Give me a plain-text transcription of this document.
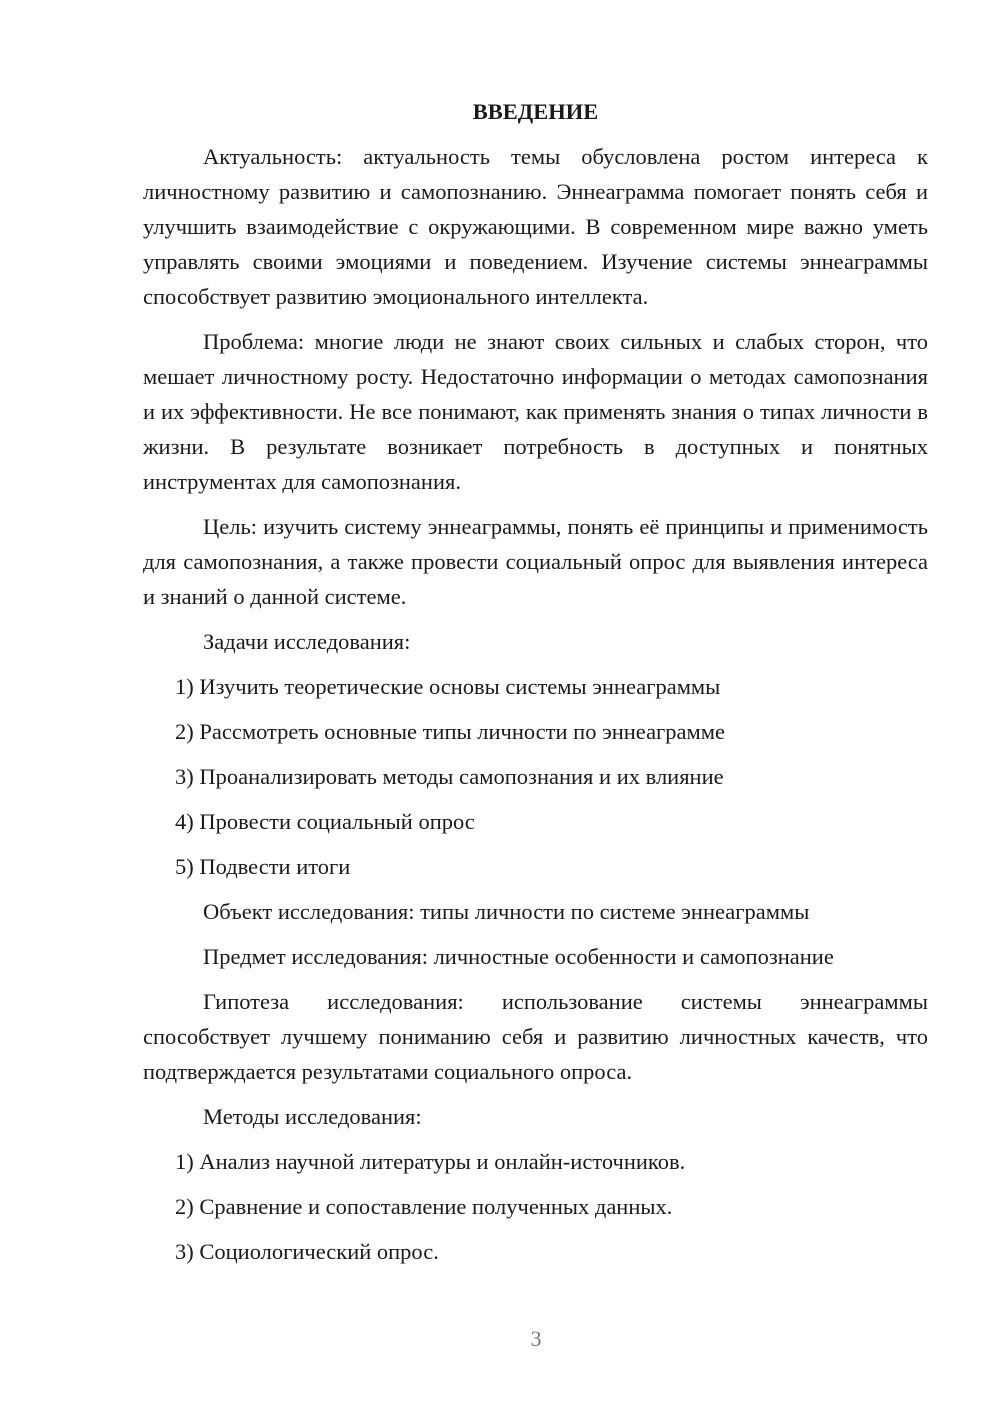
ВВЕДЕНИЕ

Актуальность: актуальность темы обусловлена ростом интереса к личностному развитию и самопознанию. Эннеаграмма помогает понять себя и улучшить взаимодействие с окружающими. В современном мире важно уметь управлять своими эмоциями и поведением. Изучение системы эннеаграммы способствует развитию эмоционального интеллекта.

Проблема: многие люди не знают своих сильных и слабых сторон, что мешает личностному росту. Недостаточно информации о методах самопознания и их эффективности. Не все понимают, как применять знания о типах личности в жизни. В результате возникает потребность в доступных и понятных инструментах для самопознания.

Цель: изучить систему эннеаграммы, понять её принципы и применимость для самопознания, а также провести социальный опрос для выявления интереса и знаний о данной системе.

Задачи исследования:
1) Изучить теоретические основы системы эннеаграммы
2) Рассмотреть основные типы личности по эннеаграмме
3) Проанализировать методы самопознания и их влияние
4) Провести социальный опрос
5) Подвести итоги
Объект исследования: типы личности по системе эннеаграммы
Предмет исследования: личностные особенности и самопознание

Гипотеза исследования: использование системы эннеаграммы способствует лучшему пониманию себя и развитию личностных качеств, что подтверждается результатами социального опроса.

Методы исследования:
1) Анализ научной литературы и онлайн-источников.
2) Сравнение и сопоставление полученных данных.
3) Социологический опрос.
3
